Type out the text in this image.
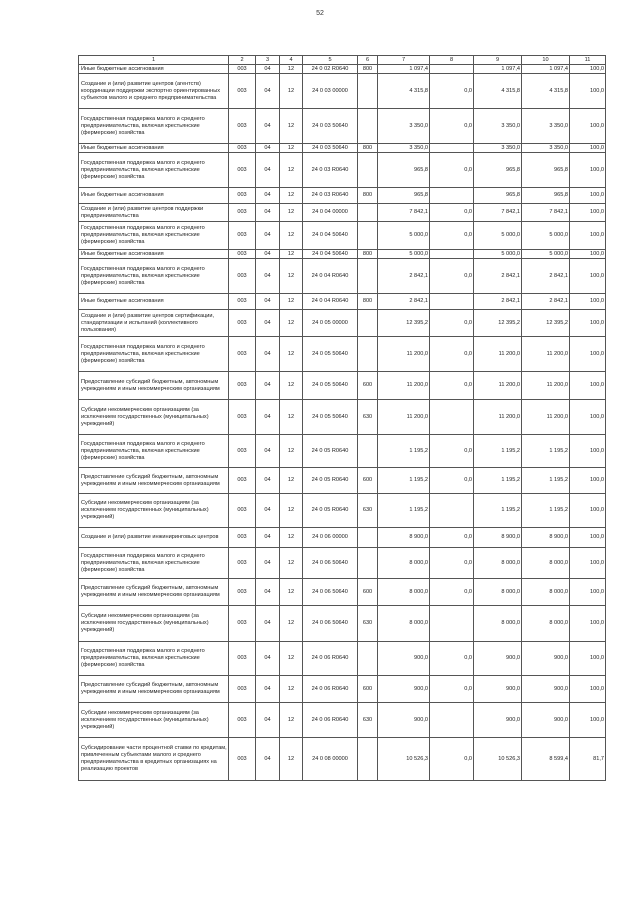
52
1	2	3	4	5	6	7	8	9	10	11
Иные бюджетные ассигнования	003	04	12	24 0 02 R0640	800	1 097,4		1 097,4	1 097,4	100,0
Создание и (или) развитие центров (агентств) координации поддержки экспортно ориентированных субъектов малого и среднего предпринимательства	003	04	12	24 0 03 00000		4 315,8	0,0	4 315,8	4 315,8	100,0
Государственная поддержка малого и среднего предпринимательства, включая крестьянские (фермерские) хозяйства	003	04	12	24 0 03 50640		3 350,0	0,0	3 350,0	3 350,0	100,0
Иные бюджетные ассигнования	003	04	12	24 0 03 50640	800	3 350,0		3 350,0	3 350,0	100,0
Государственная поддержка малого и среднего предпринимательства, включая крестьянские (фермерские) хозяйства	003	04	12	24 0 03 R0640		965,8	0,0	965,8	965,8	100,0
Иные бюджетные ассигнования	003	04	12	24 0 03 R0640	800	965,8		965,8	965,8	100,0
Создание и (или) развитие центров поддержки предпринимательства	003	04	12	24 0 04 00000		7 842,1	0,0	7 842,1	7 842,1	100,0
Государственная поддержка малого и среднего предпринимательства, включая крестьянские (фермерские) хозяйства	003	04	12	24 0 04 50640		5 000,0	0,0	5 000,0	5 000,0	100,0
Иные бюджетные ассигнования	003	04	12	24 0 04 50640	800	5 000,0		5 000,0	5 000,0	100,0
Государственная поддержка малого и среднего предпринимательства, включая крестьянские (фермерские) хозяйства	003	04	12	24 0 04 R0640		2 842,1	0,0	2 842,1	2 842,1	100,0
Иные бюджетные ассигнования	003	04	12	24 0 04 R0640	800	2 842,1		2 842,1	2 842,1	100,0
Создание и (или) развитие центров сертификации, стандартизации и испытаний (коллективного пользования)	003	04	12	24 0 05 00000		12 395,2	0,0	12 395,2	12 395,2	100,0
Государственная поддержка малого и среднего предпринимательства, включая крестьянские (фермерские) хозяйства	003	04	12	24 0 05 50640		11 200,0	0,0	11 200,0	11 200,0	100,0
Предоставление субсидий бюджетным, автономным учреждениям и иным некоммерческим организациям	003	04	12	24 0 05 50640	600	11 200,0	0,0	11 200,0	11 200,0	100,0
Субсидии некоммерческим организациям (за исключением государственных (муниципальных) учреждений)	003	04	12	24 0 05 50640	630	11 200,0		11 200,0	11 200,0	100,0
Государственная поддержка малого и среднего предпринимательства, включая крестьянские (фермерские) хозяйства	003	04	12	24 0 05 R0640		1 195,2	0,0	1 195,2	1 195,2	100,0
Предоставление субсидий бюджетным, автономным учреждениям и иным некоммерческим организациям	003	04	12	24 0 05 R0640	600	1 195,2	0,0	1 195,2	1 195,2	100,0
Субсидии некоммерческим организациям (за исключением государственных (муниципальных) учреждений)	003	04	12	24 0 05 R0640	630	1 195,2		1 195,2	1 195,2	100,0
Создание и (или) развитие инжиниринговых центров	003	04	12	24 0 06 00000		8 900,0	0,0	8 900,0	8 900,0	100,0
Государственная поддержка малого и среднего предпринимательства, включая крестьянские (фермерские) хозяйства	003	04	12	24 0 06 50640		8 000,0	0,0	8 000,0	8 000,0	100,0
Предоставление субсидий бюджетным, автономным учреждениям и иным некоммерческим организациям	003	04	12	24 0 06 50640	600	8 000,0	0,0	8 000,0	8 000,0	100,0
Субсидии некоммерческим организациям (за исключением государственных (муниципальных) учреждений)	003	04	12	24 0 06 50640	630	8 000,0		8 000,0	8 000,0	100,0
Государственная поддержка малого и среднего предпринимательства, включая крестьянские (фермерские) хозяйства	003	04	12	24 0 06 R0640		900,0	0,0	900,0	900,0	100,0
Предоставление субсидий бюджетным, автономным учреждениям и иным некоммерческим организациям	003	04	12	24 0 06 R0640	600	900,0	0,0	900,0	900,0	100,0
Субсидии некоммерческим организациям (за исключением государственных (муниципальных) учреждений)	003	04	12	24 0 06 R0640	630	900,0		900,0	900,0	100,0
Субсидирование части процентной ставки по кредитам, привлеченным субъектами малого и среднего предпринимательства в кредитных организациях на реализацию проектов	003	04	12	24 0 08 00000		10 526,3	0,0	10 526,3	8 599,4	81,7
